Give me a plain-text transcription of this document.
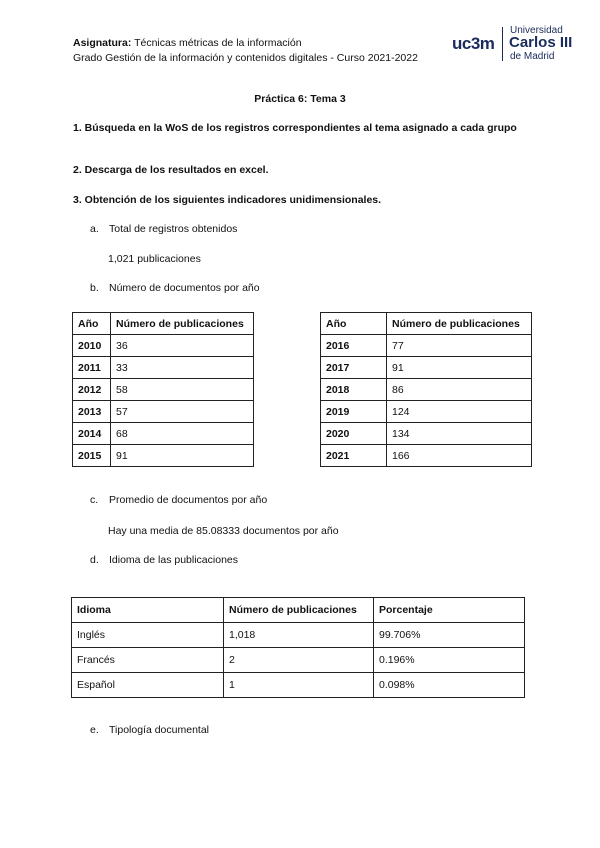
Asignatura: Técnicas métricas de la información
Grado Gestión de la información y contenidos digitales - Curso 2021-2022
uc3m
Universidad
Carlos III
de Madrid
Práctica 6: Tema 3
1. Búsqueda en la WoS de los registros correspondientes al tema asignado a cada grupo
2. Descarga de los resultados en excel.
3. Obtención de los siguientes indicadores unidimensionales.
a. Total de registros obtenidos
1,021 publicaciones
b. Número de documentos por año
Año	Número de publicaciones
2010	36
2011	33
2012	58
2013	57
2014	68
2015	91
Año	Número de publicaciones
2016	77
2017	91
2018	86
2019	124
2020	134
2021	166
c. Promedio de documentos por año
Hay una media de 85.08333 documentos por año
d. Idioma de las publicaciones
Idioma	Número de publicaciones	Porcentaje
Inglés	1,018	99.706%
Francés	2	0.196%
Español	1	0.098%
e. Tipología documental
